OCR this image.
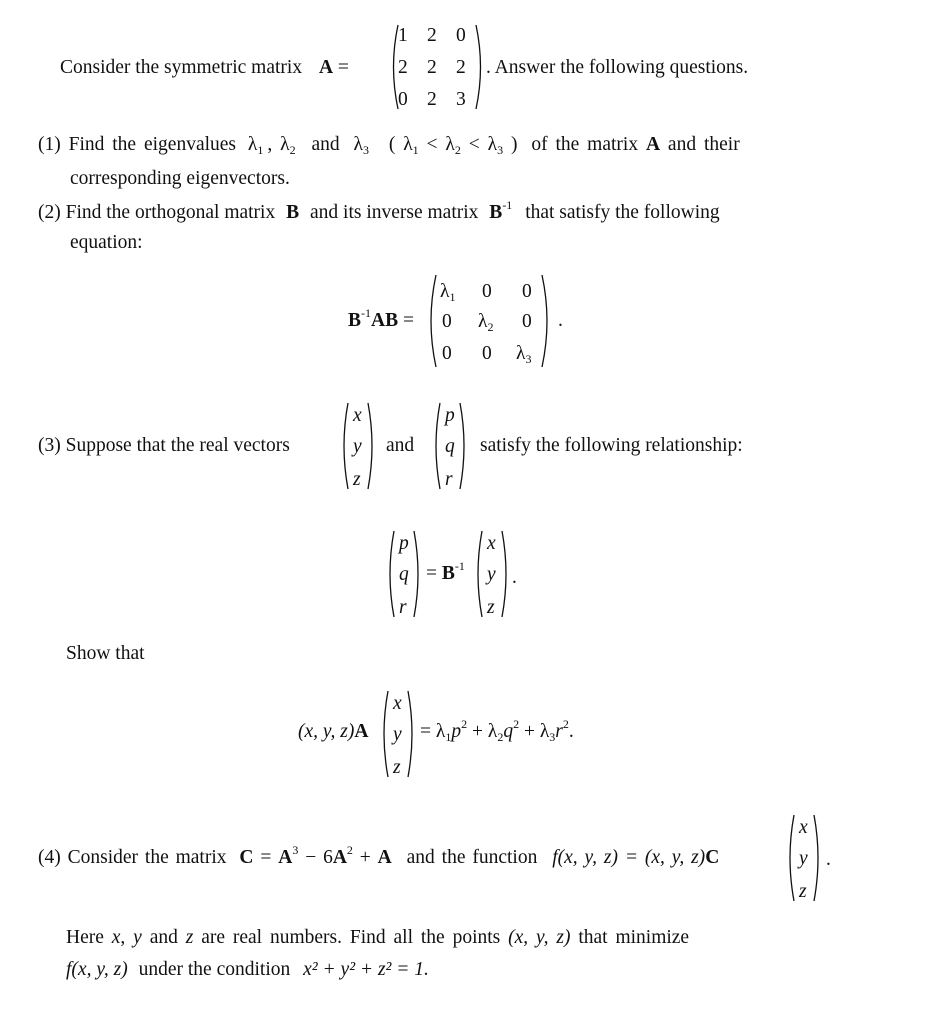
Consider the symmetric matrix A =
1 2 0
2 2 2
0 2 3
. Answer the following questions.
(1) Find the eigenvalues $\lambda_1$ , $\lambda_2$ and $\lambda_3$ ( $\lambda_1 < \lambda_2 < \lambda_3$ ) of the matrix A and their
corresponding eigenvectors.
(2) Find the orthogonal matrix B and its inverse matrix $B^{-1}$ that satisfy the following
equation:
$B^{-1}AB$ =
$\lambda_1$ 0 0
0 $\lambda_2$ 0
0 0 $\lambda_3$
.
(3) Suppose that the real vectors
x
y
z
and
p
q
r
satisfy the following relationship:
p
q
r
= $B^{-1}$
x
y
z
.
Show that
(x, y, z)A
x
y
z
= $\lambda_1p^2 + \lambda_2q^2 + \lambda_3r^2$.
(4) Consider the matrix $C = A^3 - 6A^2 + A$ and the function f(x, y, z) = (x, y, z)C
x
y
z
.
Here x, y and z are real numbers. Find all the points (x, y, z) that minimize
f(x, y, z) under the condition x² + y² + z² = 1.
